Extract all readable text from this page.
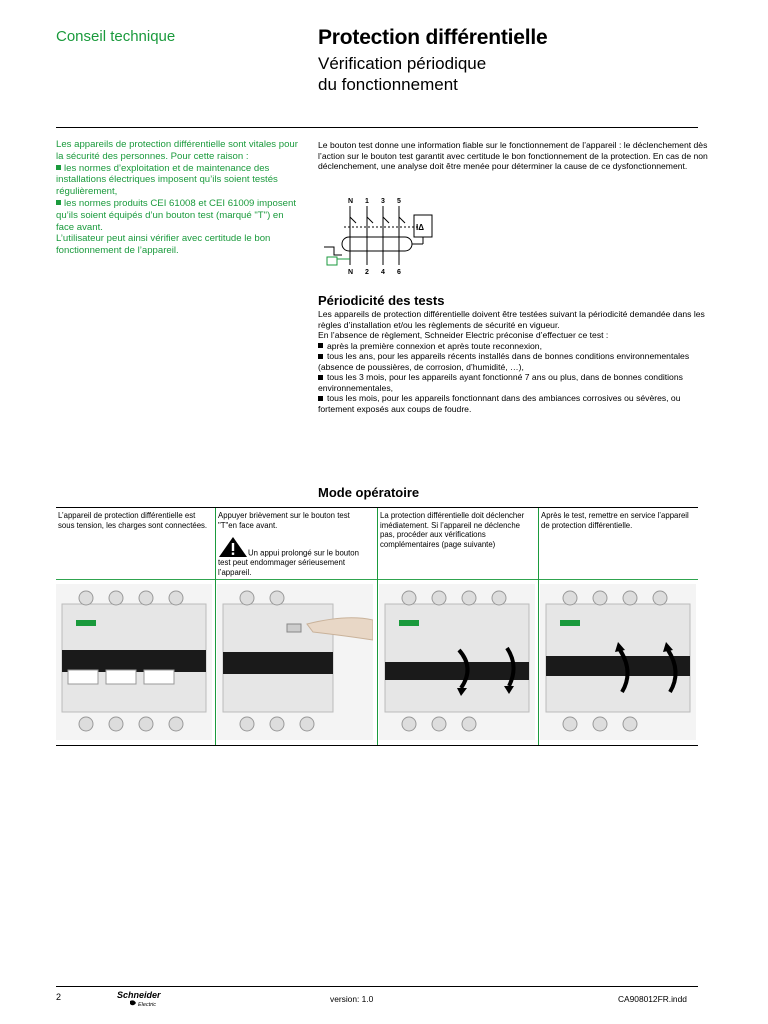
Conseil technique	Protection différentielle
Vérification périodique
du fonctionnement

Les appareils de protection différentielle sont vitales pour la sécurité des personnes. Pour cette raison :

les normes d’exploitation et de maintenance des installations électriques imposent qu’ils soient testés régulièrement,

les normes produits CEI 61008 et CEI 61009 imposent qu’ils soient équipés d’un bouton test (marqué "T") en face avant.

L’utilisateur peut ainsi vérifier avec certitude le bon fonctionnement de l’appareil.

Le bouton test donne une information fiable sur le fonctionnement de l’appareil : le déclenchement dès l’action sur le bouton test garantit avec certitude le bon fonctionnement de la protection. En cas de non déclenchement, une analyse doit être menée pour déterminer la cause de ce dysfonctionnement.
N 1 3 5
N 2 4 6
IΔ
Périodicité des tests

Les appareils de protection différentielle doivent être testées suivant la périodicité demandée dans les règles d’installation et/ou les règlements de sécurité en vigueur.

En l’absence de règlement, Schneider Electric préconise d’effectuer ce test :

après la première connexion et après toute reconnexion,

tous les ans, pour les appareils récents installés dans de bonnes conditions environnementales (absence de poussières, de corrosion, d’humidité, …),

tous les 3 mois, pour les appareils ayant fonctionné 7 ans ou plus, dans de bonnes conditions environnementales,

tous les mois, pour les appareils fonctionnant dans des ambiances corrosives ou sévères, ou fortement exposés aux coups de foudre.

Mode opératoire
L’appareil de protection différentielle est sous tension, les charges sont connectées.
Appuyer brièvement sur le bouton test "T"en face avant.
Un appui prolongé sur le bouton test peut endommager sérieusement l’appareil.
La protection différentielle doit déclencher imédiatement. Si l’appareil ne déclenche pas, procéder aux vérifications complémentaires (page suivante)
Après le test, remettre en service l’appareil de protection différentielle.
2	Schneider
Electric
version: 1.0	CA908012FR.indd
